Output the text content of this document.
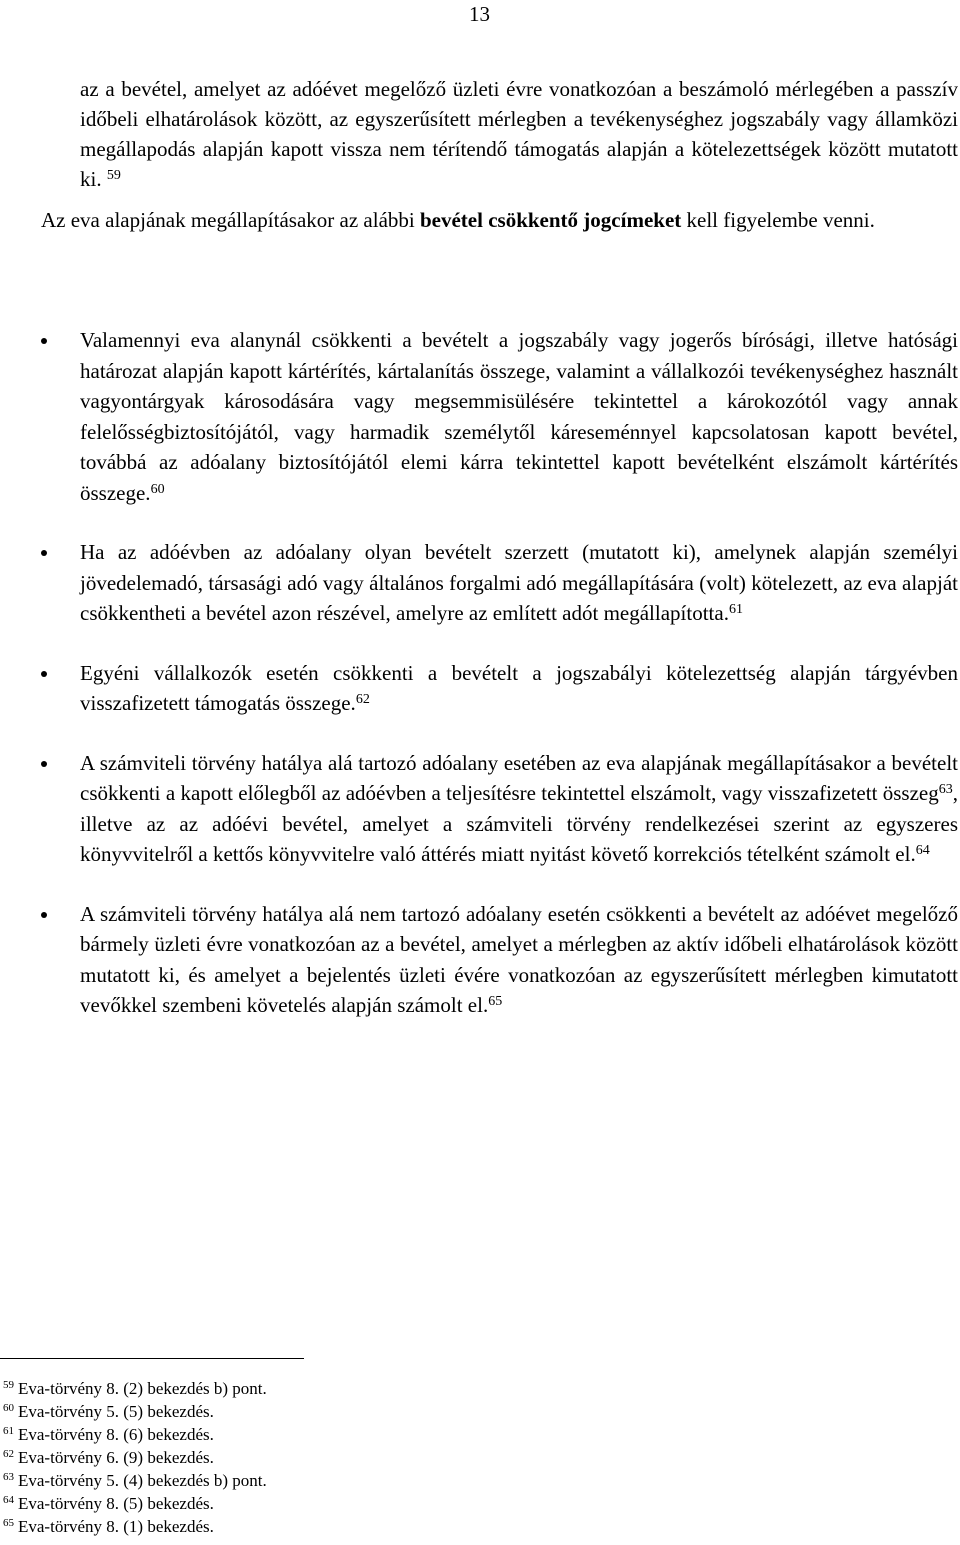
13

az a bevétel, amelyet az adóévet megelőző üzleti évre vonatkozóan a beszámoló mérlegében a passzív időbeli elhatárolások között, az egyszerűsített mérlegben a tevékenységhez jogszabály vagy államközi megállapodás alapján kapott vissza nem térítendő támogatás alapján a kötelezettségek között mutatott ki. $^{59}$

Az eva alapjának megállapításakor az alábbi bevétel csökkentő jogcímeket kell figyelembe venni.

Valamennyi eva alanynál csökkenti a bevételt a jogszabály vagy jogerős bírósági, illetve hatósági határozat alapján kapott kártérítés, kártalanítás összege, valamint a vállalkozói tevékenységhez használt vagyontárgyak károsodására vagy megsemmisülésére tekintettel a károkozótól vagy annak felelősségbiztosítójától, vagy harmadik személytől káreseménnyel kapcsolatosan kapott bevétel, továbbá az adóalany biztosítójától elemi kárra tekintettel kapott bevételként elszámolt kártérítés összege.$^{60}$
Ha az adóévben az adóalany olyan bevételt szerzett (mutatott ki), amelynek alapján személyi jövedelemadó, társasági adó vagy általános forgalmi adó megállapítására (volt) kötelezett, az eva alapját csökkentheti a bevétel azon részével, amelyre az említett adót megállapította.$^{61}$
Egyéni vállalkozók esetén csökkenti a bevételt a jogszabályi kötelezettség alapján tárgyévben visszafizetett támogatás összege.$^{62}$
A számviteli törvény hatálya alá tartozó adóalany esetében az eva alapjának megállapításakor a bevételt csökkenti a kapott előlegből az adóévben a teljesítésre tekintettel elszámolt, vagy visszafizetett összeg$^{63}$, illetve az az adóévi bevétel, amelyet a számviteli törvény rendelkezései szerint az egyszeres könyvvitelről a kettős könyvvitelre való áttérés miatt nyitást követő korrekciós tételként számolt el.$^{64}$
A számviteli törvény hatálya alá nem tartozó adóalany esetén csökkenti a bevételt az adóévet megelőző bármely üzleti évre vonatkozóan az a bevétel, amelyet a mérlegben az aktív időbeli elhatárolások között mutatott ki, és amelyet a bejelentés üzleti évére vonatkozóan az egyszerűsített mérlegben kimutatott vevőkkel szembeni követelés alapján számolt el.$^{65}$
$^{59}$ Eva-törvény 8. (2) bekezdés b) pont.
$^{60}$ Eva-törvény 5. (5) bekezdés.
$^{61}$ Eva-törvény 8. (6) bekezdés.
$^{62}$ Eva-törvény 6. (9) bekezdés.
$^{63}$ Eva-törvény 5. (4) bekezdés b) pont.
$^{64}$ Eva-törvény 8. (5) bekezdés.
$^{65}$ Eva-törvény 8. (1) bekezdés.
